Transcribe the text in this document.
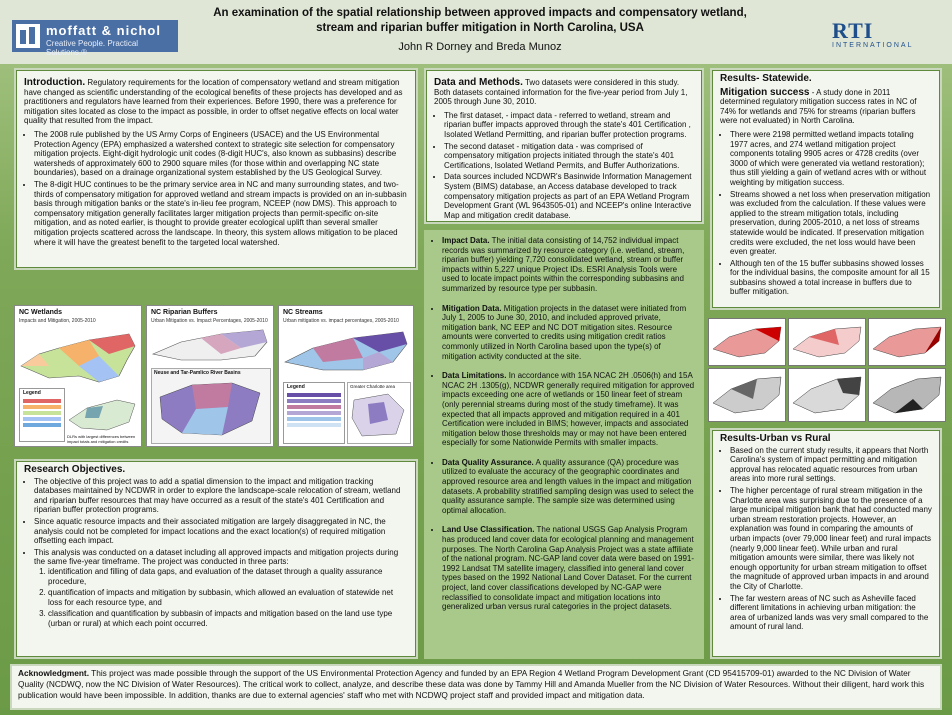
moffatt & nichol
Creative People. Practical Solutions.®
An examination of the spatial relationship between approved impacts and compensatory wetland, stream and riparian buffer mitigation in North Carolina, USA
John R Dorney and Breda Munoz
RTI
INTERNATIONAL

Introduction. Regulatory requirements for the location of compensatory wetland and stream mitigation have changed as scientific understanding of the ecological benefits of these projects has developed and as practitioners and regulators have learned from their experiences. Before 1990, there was a preference for mitigation sites located as close to the impact as possible, in order to offset negative effects on local water quality that resulted from the impact.

• The 2008 rule published by the US Army Corps of Engineers (USACE) and the US Environmental Protection Agency (EPA) emphasized a watershed context to strategic site selection for compensatory mitigation projects. Eight-digit hydrologic unit codes (8-digit HUC's, also known as subbasins) describe watersheds of approximately 600 to 2900 square miles (for those within and overlapping NC state boundaries), based on a drainage organizational system established by the US Geological Survey.
• The 8-digit HUC continues to be the primary service area in NC and many surrounding states, and two-thirds of compensatory mitigation for approved wetland and stream impacts is provided on an in-subbasin basis through mitigation banks or the state's in-lieu fee program, NCEEP (now DMS). This approach to compensatory mitigation generally facilitates larger mitigation projects than permit-specific on-site mitigation, and as noted earlier, is thought to provide greater ecological uplift than several smaller mitigation projects scattered across the landscape. In theory, this system allows mitigation to be placed where it will have the greatest benefit to the targeted local watershed.
NC Wetlands
Impacts and Mitigation, 2005-2010
Legend
DLRs with largest differences between impact totals and mitigation credits
NC Riparian Buffers
Urban Mitigation vs. Impact Percentages, 2005-2010
Neuse and Tar-Pamlico River Basins
NC Streams
Urban mitigation vs. impact percentages, 2005-2010
Legend	Greater Charlotte area
Research Objectives.
• The objective of this project was to add a spatial dimension to the impact and mitigation tracking databases maintained by NCDWR in order to explore the landscape-scale relocation of stream, wetland and riparian buffer resources that may have occurred as a result of the state's 401 Certification and riparian buffer protection programs.
• Since aquatic resource impacts and their associated mitigation are largely disaggregated in NC, the analysis could not be completed for impact locations and the exact location(s) of required mitigation offsetting each impact.
• This analysis was conducted on a dataset including all approved impacts and mitigation projects during the same five-year timeframe. The project was conducted in three parts:
1. identification and filling of data gaps, and evaluation of the dataset through a quality assurance procedure,
2. quantification of impacts and mitigation by subbasin, which allowed an evaluation of statewide net loss for each resource type, and
3. classification and quantification by subbasin of impacts and mitigation based on the land use type (urban or rural) at which each point occurred.

Data and Methods. Two datasets were considered in this study. Both datasets contained information for the five-year period from July 1, 2005 through June 30, 2010.

• The first dataset, - impact data - referred to wetland, stream and riparian buffer impacts approved through the state's 401 Certification , Isolated Wetland Permitting, and riparian buffer protection programs.
• The second dataset - mitigation data - was comprised of compensatory mitigation projects initiated through the state's 401 Certifications, Isolated Wetland Permits, and Buffer Authorizations.
• Data sources included NCDWR's Basinwide Information Management System (BIMS) database, an Access database developed to track compensatory mitigation projects as part of an EPA Wetland Program Development Grant (WL 9643505-01) and NCEEP's online Interactive Map and mitigation credit database.
• Impact Data. The initial data consisting of 14,752 individual impact records was summarized by resource category (i.e. wetland, stream, riparian buffer) yielding 7,720 consolidated wetland, stream or buffer impacts within 5,227 unique Project IDs. ESRI Analysis Tools were used to locate impact points within the corresponding subbasins and summarized by resource type per subbasin.
• Mitigation Data. Mitigation projects in the dataset were initiated from July 1, 2005 to June 30, 2010, and included approved private, mitigation bank, NC EEP and NC DOT mitigation sites. Resource amounts were converted to credits using mitigation credit ratios commonly utilized in North Carolina based upon the type(s) of mitigation activity conducted at the site.
• Data Limitations. In accordance with 15A NCAC 2H .0506(h) and 15A NCAC 2H .1305(g), NCDWR generally required mitigation for approved impacts exceeding one acre of wetlands or 150 linear feet of stream (only perennial streams during most of the study timeframe). It was expected that all impacts approved and mitigation required in a 401 Certification were included in BIMS; however, impacts and associated mitigation below those thresholds may or may not have been entered especially for some Nationwide Permits with smaller impacts.
• Data Quality Assurance. A quality assurance (QA) procedure was utilized to evaluate the accuracy of the geographic coordinates and approved resource area and length values in the impact and mitigation datasets. A probability stratified sampling design was used to select the quality assurance sample. The sample size was determined using optimal allocation.
• Land Use Classification. The national USGS Gap Analysis Program has produced land cover data for ecological planning and management purposes. The North Carolina Gap Analysis Project was a state affiliate of the national program. NC-GAP land cover data were based on 1991-1992 Landsat TM satellite imagery, classified into general land cover types based on the 1992 National Land Cover Dataset. For the current project, land cover classifications developed by NC-GAP were reclassified to consolidate impact and mitigation locations into generalized urban versus rural categories in the project datasets.
Results- Statewide.

Mitigation success - A study done in 2011 determined regulatory mitigation success rates in NC of 74% for wetlands and 75% for streams (riparian buffers were not evaluated) in North Carolina.

• There were 2198 permitted wetland impacts totaling 1977 acres, and 274 wetland mitigation project components totaling 9905 acres or 4728 credits (over 3000 of which were generated via wetland restoration); thus still yielding a gain of wetland acres with or without weighting by mitigation success.
• Streams showed a net loss when preservation mitigation was excluded from the calculation. If these values were applied to the stream mitigation totals, including preservation, during 2005-2010, a net loss of streams statewide would be indicated. If preservation mitigation credits were excluded, the net loss would have been even greater.
• Although ten of the 15 buffer subbasins showed losses for the individual basins, the composite amount for all 15 subbasins showed a total increase in buffers due to buffer mitigation.
Results-Urban vs Rural
• Based on the current study results, it appears that North Carolina's system of impact permitting and mitigation approval has relocated aquatic resources from urban areas into more rural settings.
• The higher percentage of rural stream mitigation in the Charlotte area was surprising due to the presence of a large municipal mitigation bank that had conducted many urban stream restoration projects. However, an explanation was found in comparing the amounts of urban impacts (over 79,000 linear feet) and rural impacts (nearly 9,000 linear feet). While urban and rural mitigation amounts were similar, there was likely not enough opportunity for urban stream mitigation to offset the magnitude of approved urban impacts in and around the City of Charlotte.
• The far western areas of NC such as Asheville faced different limitations in achieving urban mitigation: the area of urbanized lands was very small compared to the amount of rural land.
Acknowledgment. This project was made possible through the support of the US Environmental Protection Agency and funded by an EPA Region 4 Wetland Program Development Grant (CD 95415709-01) awarded to the NC Division of Water Quality (NCDWQ, now the NC Division of Water Resources). The critical work to collect, analyze, and describe these data was done by Tammy Hill and Amanda Mueller from the NC Division of Water Resources. Without their diligent, hard work this publication would have been impossible. In addition, thanks are due to external agencies' staff who met with NCDWQ project staff and provided impact and mitigation data.
